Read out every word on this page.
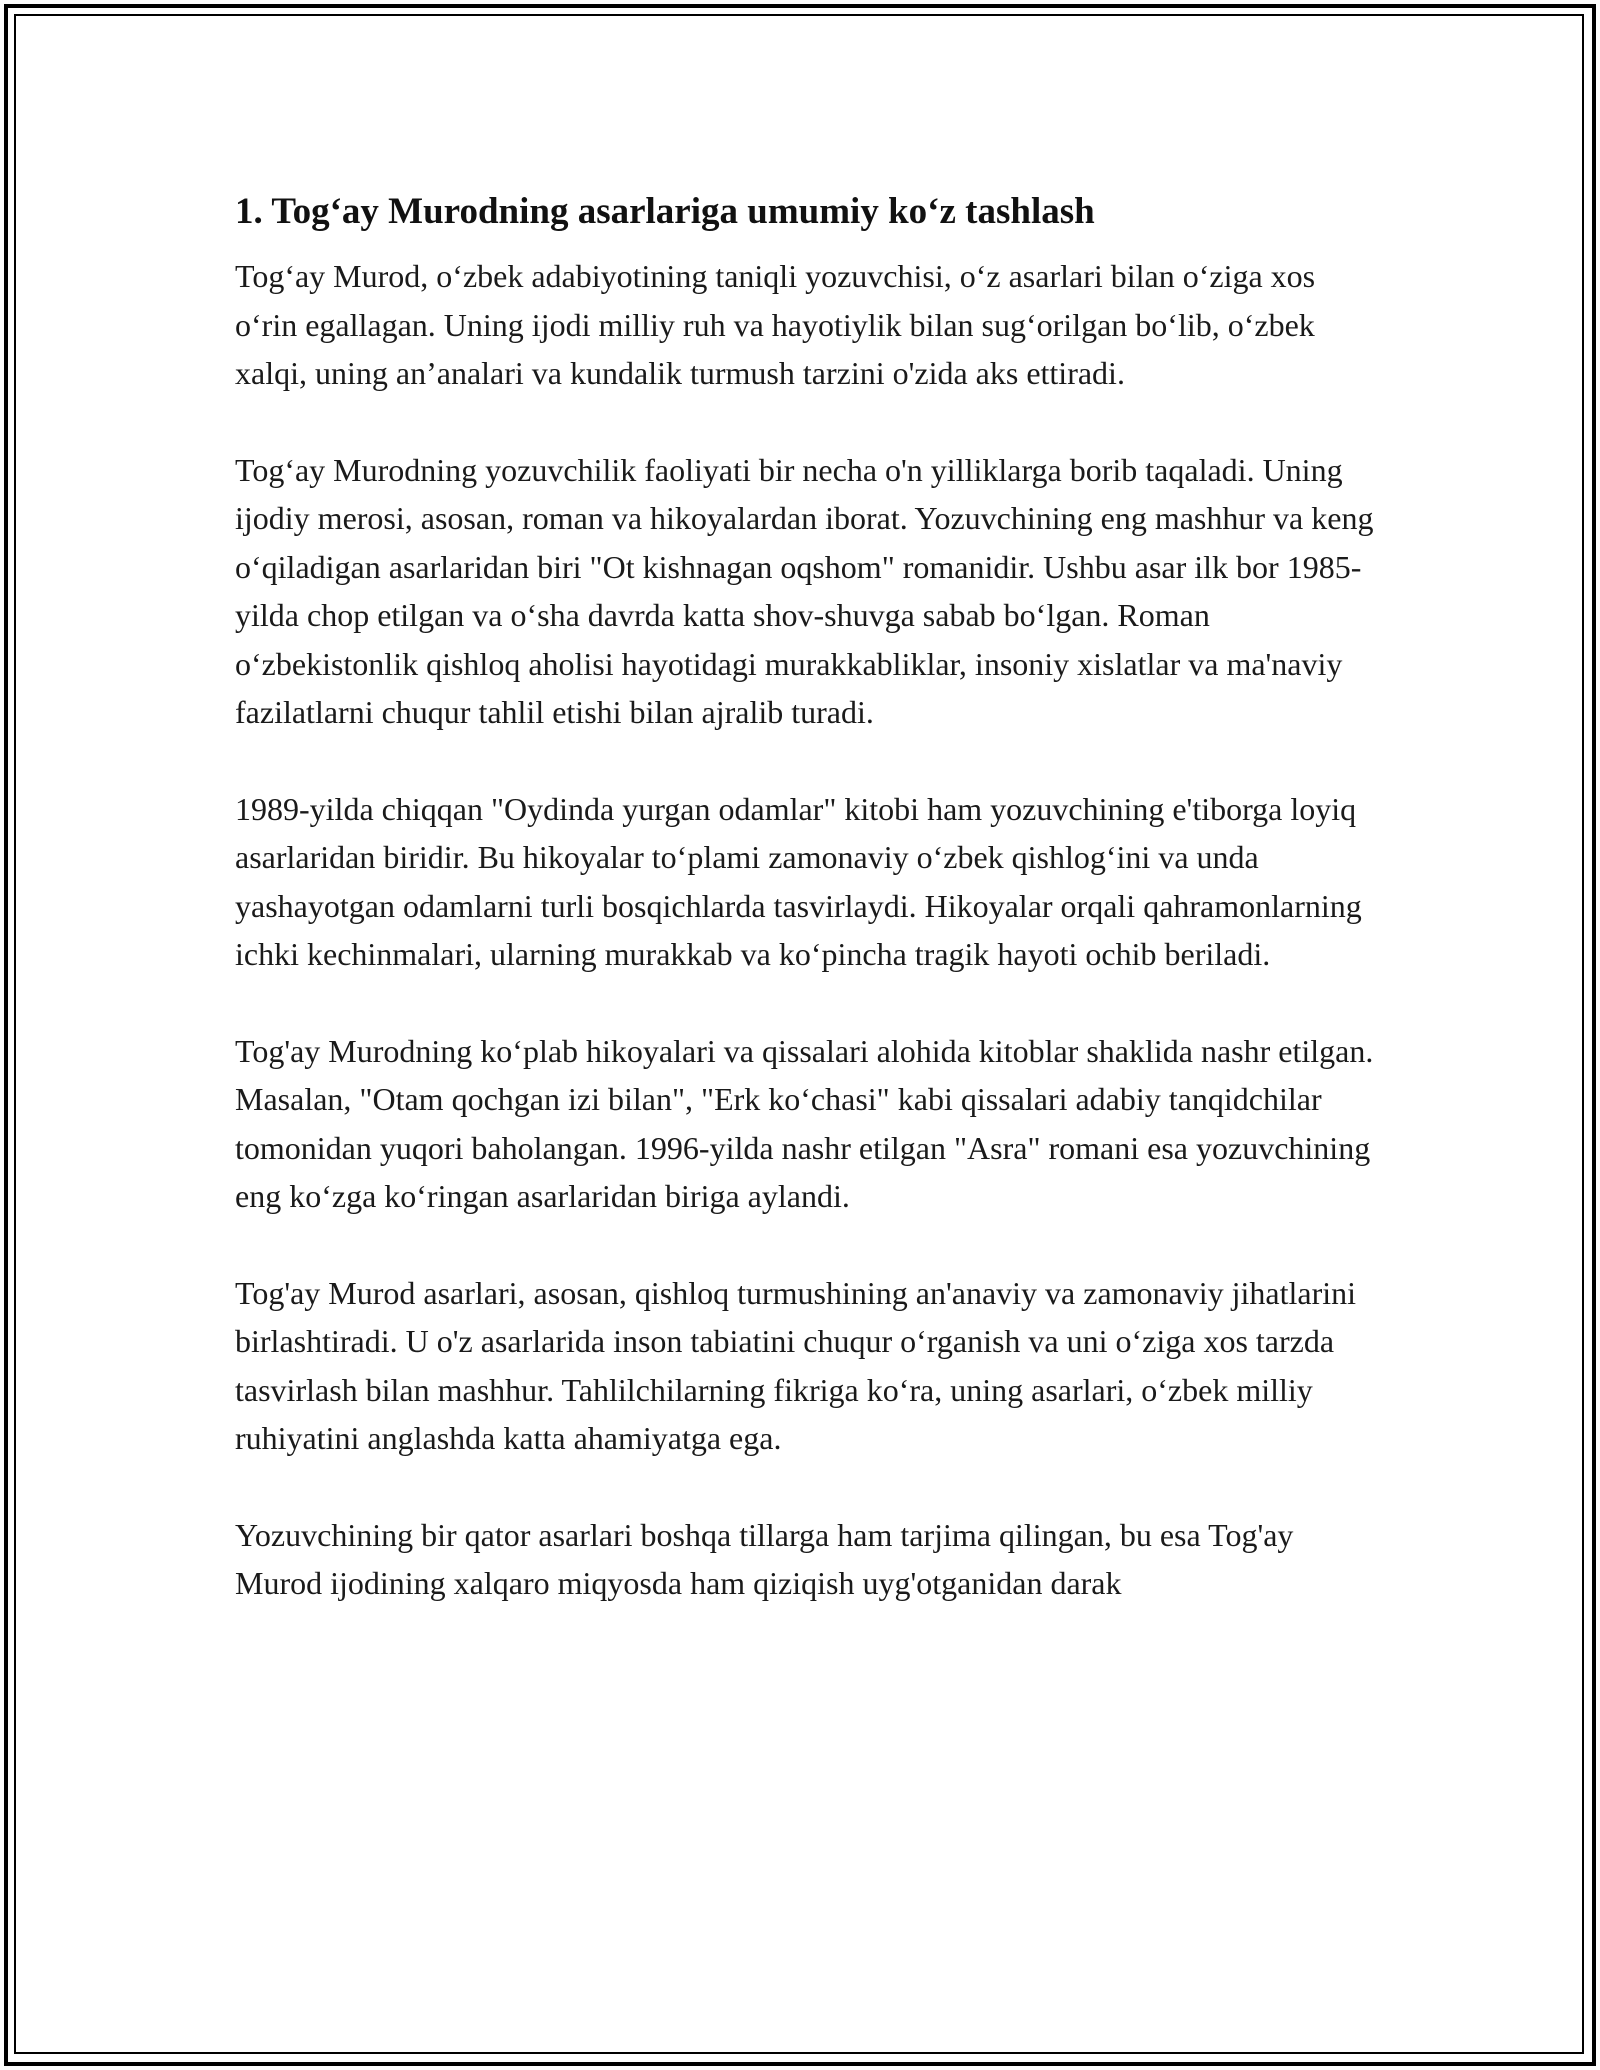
1. Tog‘ay Murodning asarlariga umumiy ko‘z tashlash

Tog‘ay Murod, o‘zbek adabiyotining taniqli yozuvchisi, o‘z asarlari bilan o‘ziga xos o‘rin egallagan. Uning ijodi milliy ruh va hayotiylik bilan sug‘orilgan bo‘lib, o‘zbek xalqi, uning an’analari va kundalik turmush tarzini o'zida aks ettiradi.

Tog‘ay Murodning yozuvchilik faoliyati bir necha o'n yilliklarga borib taqaladi. Uning ijodiy merosi, asosan, roman va hikoyalardan iborat. Yozuvchining eng mashhur va keng o‘qiladigan asarlaridan biri "Ot kishnagan oqshom" romanidir. Ushbu asar ilk bor 1985-yilda chop etilgan va o‘sha davrda katta shov-shuvga sabab bo‘lgan. Roman o‘zbekistonlik qishloq aholisi hayotidagi murakkabliklar, insoniy xislatlar va ma'naviy fazilatlarni chuqur tahlil etishi bilan ajralib turadi.

1989-yilda chiqqan "Oydinda yurgan odamlar" kitobi ham yozuvchining e'tiborga loyiq asarlaridan biridir. Bu hikoyalar to‘plami zamonaviy o‘zbek qishlog‘ini va unda yashayotgan odamlarni turli bosqichlarda tasvirlaydi. Hikoyalar orqali qahramonlarning ichki kechinmalari, ularning murakkab va ko‘pincha tragik hayoti ochib beriladi.

Tog'ay Murodning ko‘plab hikoyalari va qissalari alohida kitoblar shaklida nashr etilgan. Masalan, "Otam qochgan izi bilan", "Erk ko‘chasi" kabi qissalari adabiy tanqidchilar tomonidan yuqori baholangan. 1996-yilda nashr etilgan "Asra" romani esa yozuvchining eng ko‘zga ko‘ringan asarlaridan biriga aylandi.

Tog'ay Murod asarlari, asosan, qishloq turmushining an'anaviy va zamonaviy jihatlarini birlashtiradi. U o'z asarlarida inson tabiatini chuqur o‘rganish va uni o‘ziga xos tarzda tasvirlash bilan mashhur. Tahlilchilarning fikriga ko‘ra, uning asarlari, o‘zbek milliy ruhiyatini anglashda katta ahamiyatga ega.

Yozuvchining bir qator asarlari boshqa tillarga ham tarjima qilingan, bu esa Tog'ay Murod ijodining xalqaro miqyosda ham qiziqish uyg'otganidan darak
